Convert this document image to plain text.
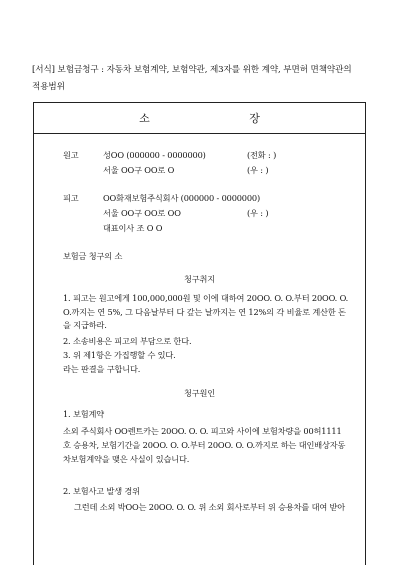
[서식] 보험금청구 : 자동차 보험계약, 보험약관, 제3자를 위한 계약, 부면허 면책약관의 적용범위
소 장
원고	성OO (000000 - 0000000)	(전화 : )
서울 OO구 OO로 O	(우 : )
피고	OO화재보험주식회사 (000000 - 0000000)
서울 OO구 OO로 OO	(우 : )
대표이사 조 O O
보험금 청구의 소
청구취지
1. 피고는 원고에게 100,000,000원 및 이에 대하여 20OO. O. O.부터 20OO. O. O.까지는 연 5%, 그 다음날부터 다 갚는 날까지는 연 12%의 각 비율로 계산한 돈을 지급하라.
2. 소송비용은 피고의 부담으로 한다.
3. 위 제1항은 가집행할 수 있다.
라는 판결을 구합니다.
청구원인
1. 보험계약
소외 주식회사 OO렌트카는 20OO. O. O. 피고와 사이에 보험차량을 00허1111호 승용차, 보험기간을 20OO. O. O.부터 20OO. O. O.까지로 하는 대인배상자동차보험계약을 맺은 사실이 있습니다.
2. 보험사고 발생 경위
그런데 소외 박OO는 20OO. O. O. 위 소외 회사로부터 위 승용차를 대여 받아
